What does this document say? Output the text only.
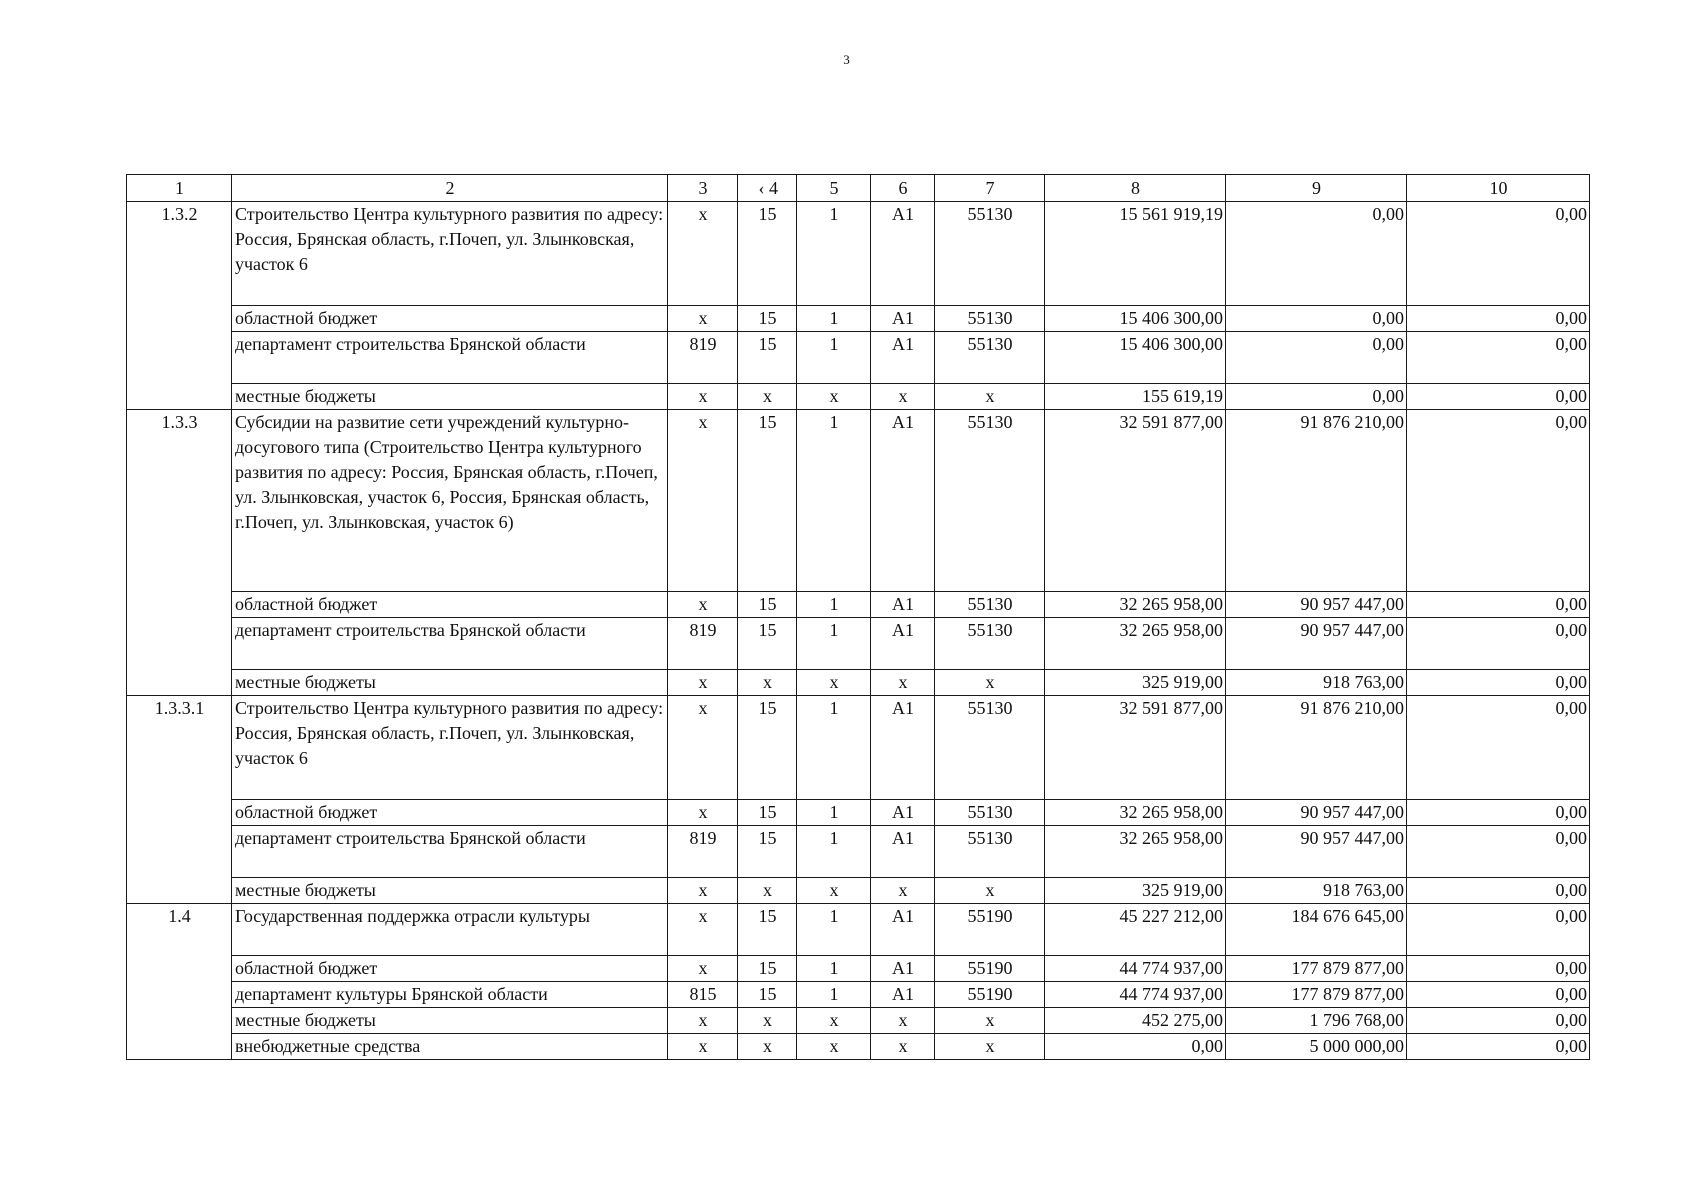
3
1	2	3	 ‹ 4	5	6	7	8	9	10
1.3.2	Строительство Центра культурного развития по адресу: Россия, Брянская область, г.Почеп, ул. Злынковская, участок 6	x	15	1	А1	55130	15 561 919,19	0,00	0,00
	областной бюджет	x	15	1	А1	55130	15 406 300,00	0,00	0,00
	департамент строительства Брянской области	819	15	1	А1	55130	15 406 300,00	0,00	0,00
	местные бюджеты	x	x	x	x	x	155 619,19	0,00	0,00
1.3.3	Субсидии на развитие сети учреждений культурно-досугового типа (Строительство Центра культурного развития по адресу: Россия, Брянская область, г.Почеп, ул. Злынковская, участок 6, Россия, Брянская область, г.Почеп, ул. Злынковская, участок 6)	x	15	1	А1	55130	32 591 877,00	91 876 210,00	0,00
	областной бюджет	x	15	1	А1	55130	32 265 958,00	90 957 447,00	0,00
	департамент строительства Брянской области	819	15	1	А1	55130	32 265 958,00	90 957 447,00	0,00
	местные бюджеты	x	x	x	x	x	325 919,00	918 763,00	0,00
1.3.3.1	Строительство Центра культурного развития по адресу: Россия, Брянская область, г.Почеп, ул. Злынковская, участок 6	x	15	1	А1	55130	32 591 877,00	91 876 210,00	0,00
	областной бюджет	x	15	1	А1	55130	32 265 958,00	90 957 447,00	0,00
	департамент строительства Брянской области	819	15	1	А1	55130	32 265 958,00	90 957 447,00	0,00
	местные бюджеты	x	x	x	x	x	325 919,00	918 763,00	0,00
1.4	Государственная поддержка отрасли культуры	x	15	1	А1	55190	45 227 212,00	184 676 645,00	0,00
	областной бюджет	x	15	1	А1	55190	44 774 937,00	177 879 877,00	0,00
	департамент культуры Брянской области	815	15	1	А1	55190	44 774 937,00	177 879 877,00	0,00
	местные бюджеты	x	x	x	x	x	452 275,00	1 796 768,00	0,00
	внебюджетные средства	x	x	x	x	x	0,00	5 000 000,00	0,00
